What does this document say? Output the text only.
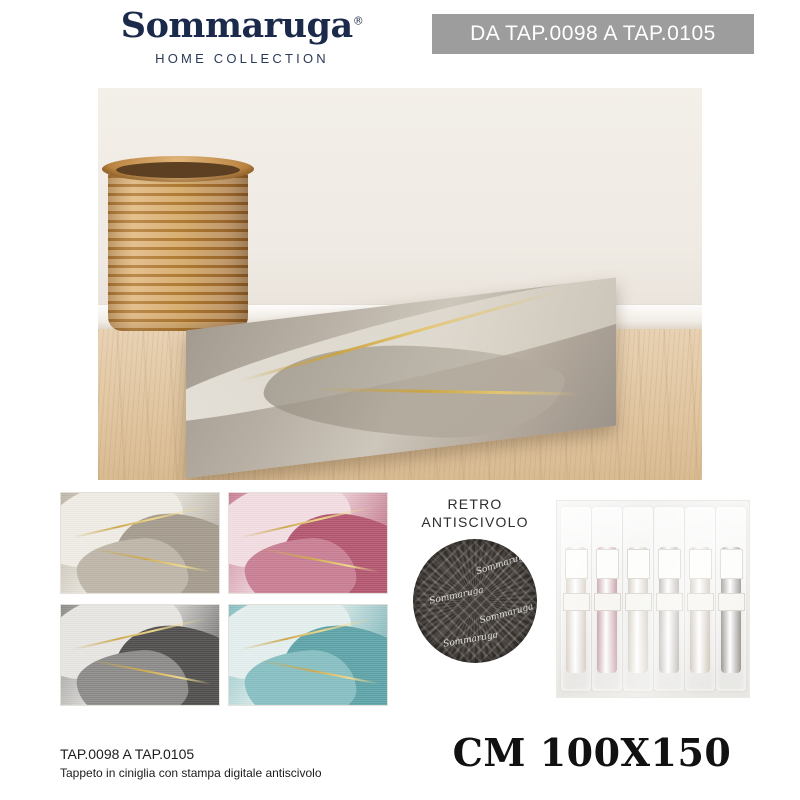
Sommaruga®
HOME COLLECTION
DA TAP.0098 A TAP.0105
RETRO
ANTISCIVOLO
Sommaruga
Sommaruga
Sommaruga
Sommaruga
TAP.0098 A TAP.0105
Tappeto in ciniglia con stampa digitale antiscivolo	CM 100X150
